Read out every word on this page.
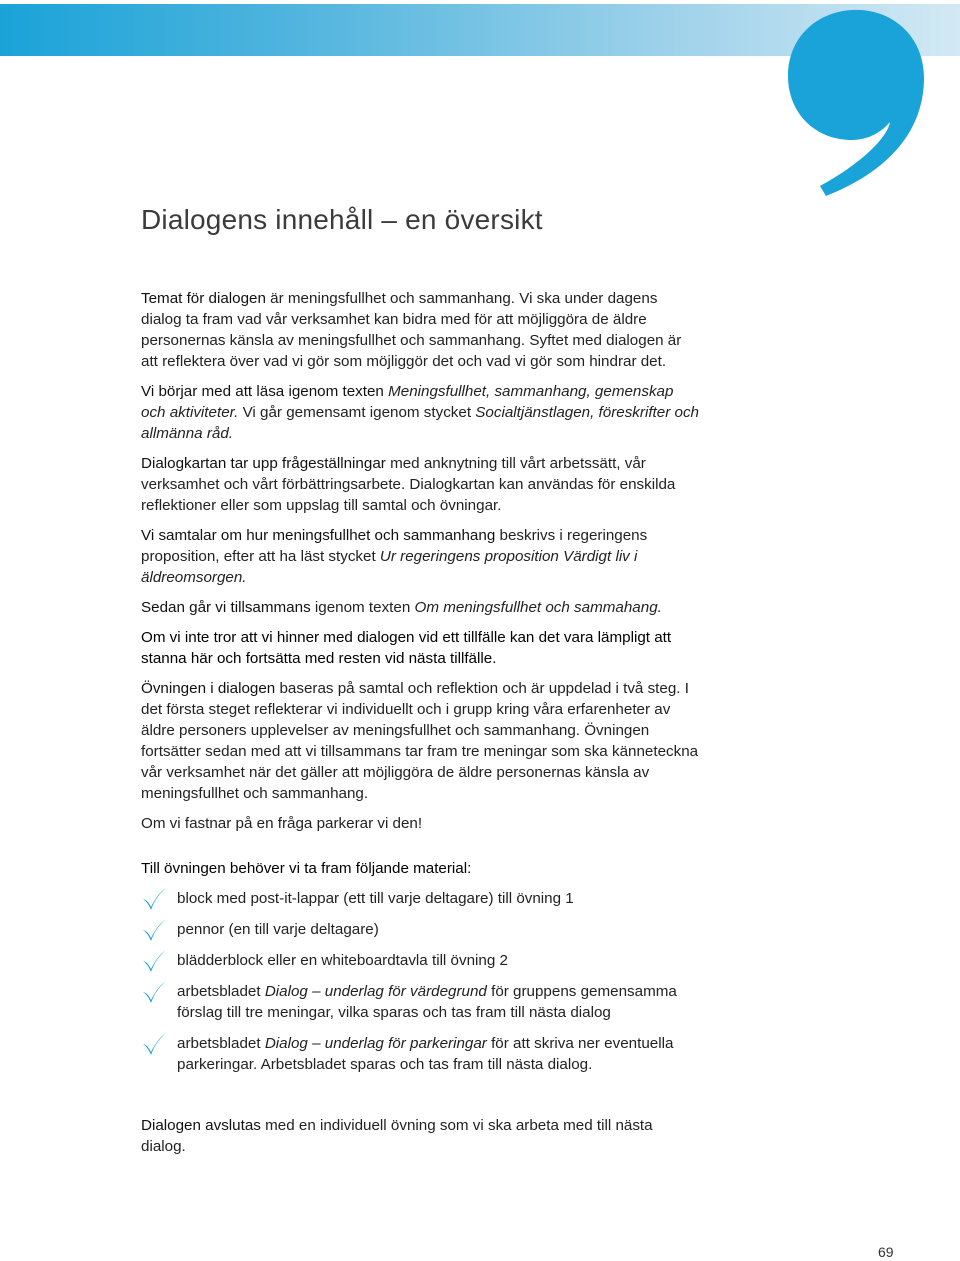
Dialogens innehåll – en översikt

Temat för dialogen är meningsfullhet och sammanhang. Vi ska under dagens dialog ta fram vad vår verksamhet kan bidra med för att möjliggöra de äldre personernas känsla av meningsfullhet och sammanhang. Syftet med dialogen är att reflektera över vad vi gör som möjliggör det och vad vi gör som hindrar det.

Vi börjar med att läsa igenom texten Meningsfullhet, sammanhang, gemenskap och aktiviteter. Vi går gemensamt igenom stycket Socialtjänstlagen, föreskrifter och allmänna råd.

Dialogkartan tar upp frågeställningar med anknytning till vårt arbetssätt, vår verksamhet och vårt förbättringsarbete. Dialogkartan kan användas för enskilda reflektioner eller som uppslag till samtal och övningar.

Vi samtalar om hur meningsfullhet och sammanhang beskrivs i regeringens proposition, efter att ha läst stycket Ur regeringens proposition Värdigt liv i äldreomsorgen.

Sedan går vi tillsammans igenom texten Om meningsfullhet och sammahang.

Om vi inte tror att vi hinner med dialogen vid ett tillfälle kan det vara lämpligt att stanna här och fortsätta med resten vid nästa tillfälle.

Övningen i dialogen baseras på samtal och reflektion och är uppdelad i två steg. I det första steget reflekterar vi individuellt och i grupp kring våra erfarenheter av äldre personers upplevelser av meningsfullhet och sammanhang. Övningen fortsätter sedan med att vi tillsammans tar fram tre meningar som ska känneteckna vår verksamhet när det gäller att möjliggöra de äldre personernas känsla av meningsfullhet och sammanhang.

Om vi fastnar på en fråga parkerar vi den!

Till övningen behöver vi ta fram följande material:

block med post-it-lappar (ett till varje deltagare) till övning 1
pennor (en till varje deltagare)
blädderblock eller en whiteboardtavla till övning 2
arbetsbladet Dialog – underlag för värdegrund för gruppens gemensamma förslag till tre meningar, vilka sparas och tas fram till nästa dialog
arbetsbladet Dialog – underlag för parkeringar för att skriva ner eventuella parkeringar. Arbetsbladet sparas och tas fram till nästa dialog.

Dialogen avslutas med en individuell övning som vi ska arbeta med till nästa dialog.

69
